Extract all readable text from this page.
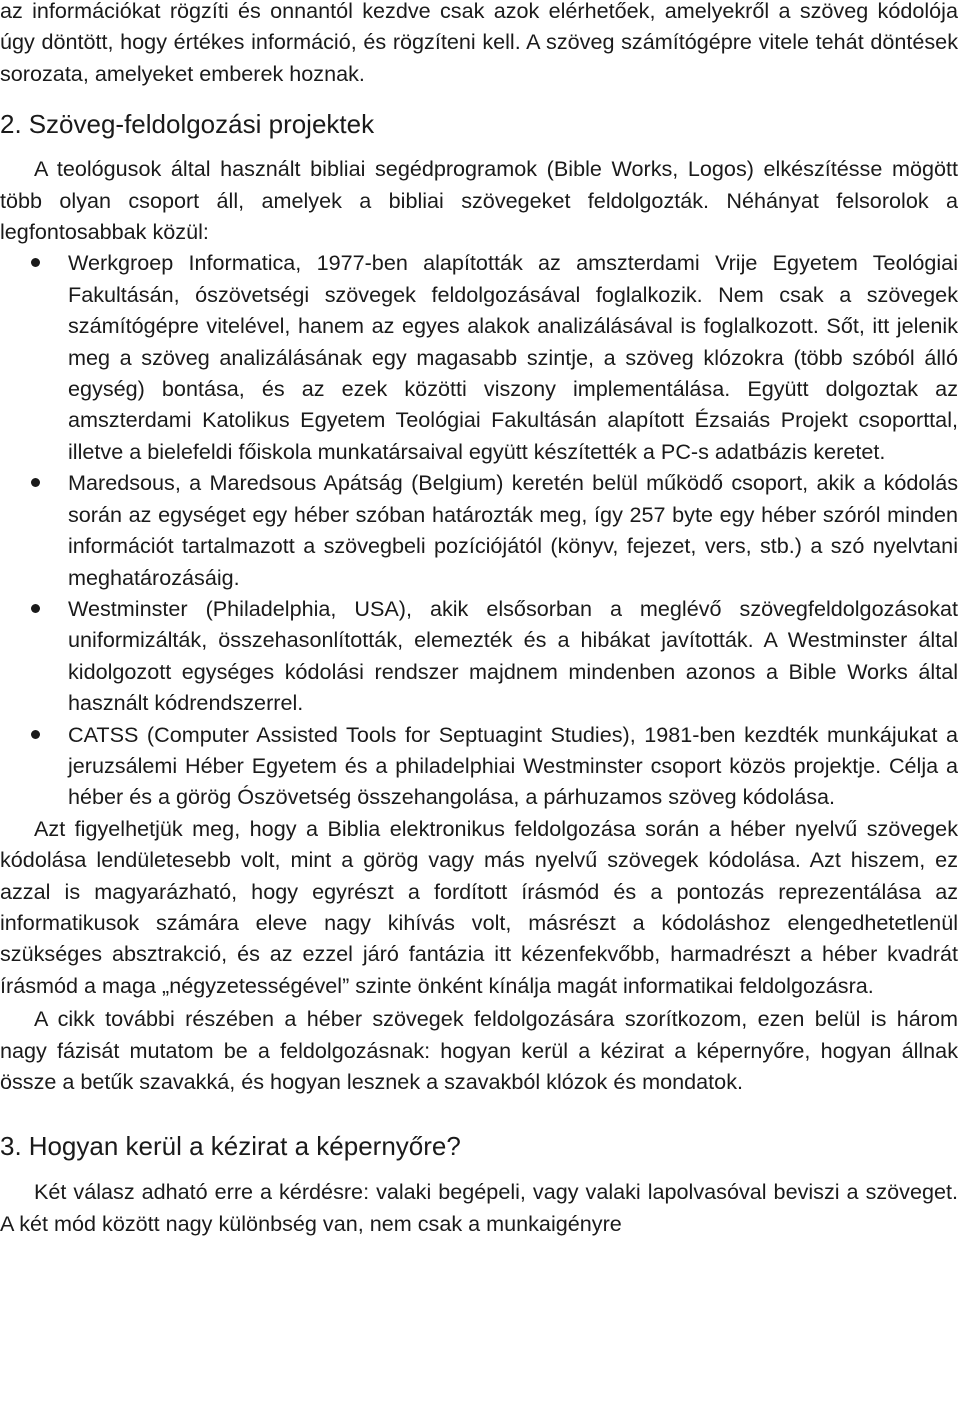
az információkat rögzíti és onnantól kezdve csak azok elérhetőek, amelyekről a szöveg kódolója úgy döntött, hogy értékes információ, és rögzíteni kell. A szöveg számítógépre vitele tehát döntések sorozata, amelyeket emberek hoznak.

2. Szöveg-feldolgozási projektek

A teológusok által használt bibliai segédprogramok (Bible Works, Logos) elkészítésse mögött több olyan csoport áll, amelyek a bibliai szövegeket feldolgozták. Néhányat felsorolok a legfontosabbak közül:

Werkgroep Informatica, 1977-ben alapították az amszterdami Vrije Egyetem Teológiai Fakultásán, ószövetségi szövegek feldolgozásával foglalkozik. Nem csak a szövegek számítógépre vitelével, hanem az egyes alakok analizálásával is foglalkozott. Sőt, itt jelenik meg a szöveg analizálásának egy magasabb szintje, a szöveg klózokra (több szóból álló egység) bontása, és az ezek közötti viszony implementálása. Együtt dolgoztak az amszterdami Katolikus Egyetem Teológiai Fakultásán alapított Ézsaiás Projekt csoporttal, illetve a bielefeldi főiskola munkatársaival együtt készítették a PC-s adatbázis keretet.

Maredsous, a Maredsous Apátság (Belgium) keretén belül működő csoport, akik a kódolás során az egységet egy héber szóban határozták meg, így 257 byte egy héber szóról minden információt tartalmazott a szövegbeli pozíciójától (könyv, fejezet, vers, stb.) a szó nyelvtani meghatározásáig.

Westminster (Philadelphia, USA), akik elsősorban a meglévő szövegfeldolgozásokat uniformizálták, összehasonlították, elemezték és a hibákat javították. A Westminster által kidolgozott egységes kódolási rendszer majdnem mindenben azonos a Bible Works által használt kódrendszerrel.

CATSS (Computer Assisted Tools for Septuagint Studies), 1981-ben kezdték munkájukat a jeruzsálemi Héber Egyetem és a philadelphiai Westminster csoport közös projektje. Célja a héber és a görög Ószövetség összehangolása, a párhuzamos szöveg kódolása.

Azt figyelhetjük meg, hogy a Biblia elektronikus feldolgozása során a héber nyelvű szövegek kódolása lendületesebb volt, mint a görög vagy más nyelvű szövegek kódolása. Azt hiszem, ez azzal is magyarázható, hogy egyrészt a fordított írásmód és a pontozás reprezentálása az informatikusok számára eleve nagy kihívás volt, másrészt a kódoláshoz elengedhetetlenül szükséges absztrakció, és az ezzel járó fantázia itt kézenfekvőbb, harmadrészt a héber kvadrát írásmód a maga „négyzetességével” szinte önként kínálja magát informatikai feldolgozásra.

A cikk további részében a héber szövegek feldolgozására szorítkozom, ezen belül is három nagy fázisát mutatom be a feldolgozásnak: hogyan kerül a kézirat a képernyőre, hogyan állnak össze a betűk szavakká, és hogyan lesznek a szavakból klózok és mondatok.

3. Hogyan kerül a kézirat a képernyőre?

Két válasz adható erre a kérdésre: valaki begépeli, vagy valaki lapolvasóval beviszi a szöveget. A két mód között nagy különbség van, nem csak a munkaigényre
